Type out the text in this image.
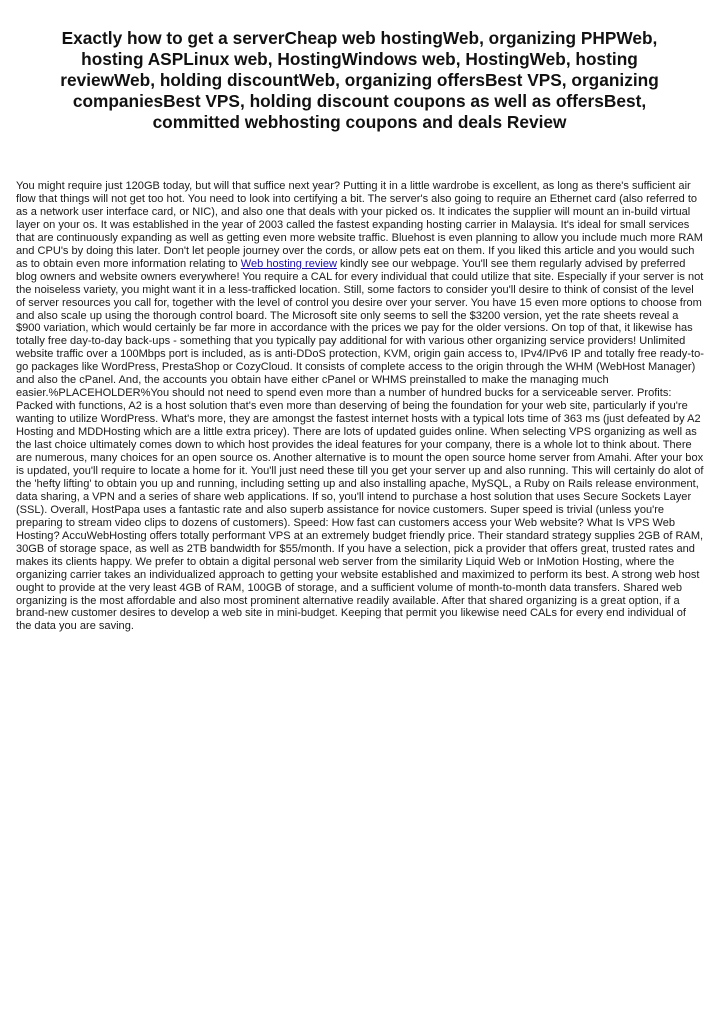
Exactly how to get a serverCheap web hostingWeb, organizing PHPWeb, hosting ASPLinux web, HostingWindows web, HostingWeb, hosting reviewWeb, holding discountWeb, organizing offersBest VPS, organizing companiesBest VPS, holding discount coupons as well as offersBest, committed webhosting coupons and deals Review

You might require just 120GB today, but will that suffice next year? Putting it in a little wardrobe is excellent, as long as there's sufficient air flow that things will not get too hot. You need to look into certifying a bit. The server's also going to require an Ethernet card (also referred to as a network user interface card, or NIC), and also one that deals with your picked os. It indicates the supplier will mount an in-build virtual layer on your os. It was established in the year of 2003 called the fastest expanding hosting carrier in Malaysia. It's ideal for small services that are continuously expanding as well as getting even more website traffic. Bluehost is even planning to allow you include much more RAM and CPU's by doing this later. Don't let people journey over the cords, or allow pets eat on them. If you liked this article and you would such as to obtain even more information relating to Web hosting review kindly see our webpage. You'll see them regularly advised by preferred blog owners and website owners everywhere! You require a CAL for every individual that could utilize that site. Especially if your server is not the noiseless variety, you might want it in a less-trafficked location. Still, some factors to consider you'll desire to think of consist of the level of server resources you call for, together with the level of control you desire over your server. You have 15 even more options to choose from and also scale up using the thorough control board. The Microsoft site only seems to sell the $3200 version, yet the rate sheets reveal a $900 variation, which would certainly be far more in accordance with the prices we pay for the older versions. On top of that, it likewise has totally free day-to-day back-ups - something that you typically pay additional for with various other organizing service providers! Unlimited website traffic over a 100Mbps port is included, as is anti-DDoS protection, KVM, origin gain access to, IPv4/IPv6 IP and totally free ready-to-go packages like WordPress, PrestaShop or CozyCloud. It consists of complete access to the origin through the WHM (WebHost Manager) and also the cPanel. And, the accounts you obtain have either cPanel or WHMS preinstalled to make the managing much easier.%PLACEHOLDER%You should not need to spend even more than a number of hundred bucks for a serviceable server. Profits: Packed with functions, A2 is a host solution that's even more than deserving of being the foundation for your web site, particularly if you're wanting to utilize WordPress. What's more, they are amongst the fastest internet hosts with a typical lots time of 363 ms (just defeated by A2 Hosting and MDDHosting which are a little extra pricey). There are lots of updated guides online. When selecting VPS organizing as well as the last choice ultimately comes down to which host provides the ideal features for your company, there is a whole lot to think about. There are numerous, many choices for an open source os. Another alternative is to mount the open source home server from Amahi. After your box is updated, you'll require to locate a home for it. You'll just need these till you get your server up and also running. This will certainly do alot of the 'hefty lifting' to obtain you up and running, including setting up and also installing apache, MySQL, a Ruby on Rails release environment, data sharing, a VPN and a series of share web applications. If so, you'll intend to purchase a host solution that uses Secure Sockets Layer (SSL). Overall, HostPapa uses a fantastic rate and also superb assistance for novice customers. Super speed is trivial (unless you're preparing to stream video clips to dozens of customers). Speed: How fast can customers access your Web website? What Is VPS Web Hosting? AccuWebHosting offers totally performant VPS at an extremely budget friendly price. Their standard strategy supplies 2GB of RAM, 30GB of storage space, as well as 2TB bandwidth for $55/month. If you have a selection, pick a provider that offers great, trusted rates and makes its clients happy. We prefer to obtain a digital personal web server from the similarity Liquid Web or InMotion Hosting, where the organizing carrier takes an individualized approach to getting your website established and maximized to perform its best. A strong web host ought to provide at the very least 4GB of RAM, 100GB of storage, and a sufficient volume of month-to-month data transfers. Shared web organizing is the most affordable and also most prominent alternative readily available. After that shared organizing is a great option, if a brand-new customer desires to develop a web site in mini-budget. Keeping that permit you likewise need CALs for every end individual of the data you are saving.
